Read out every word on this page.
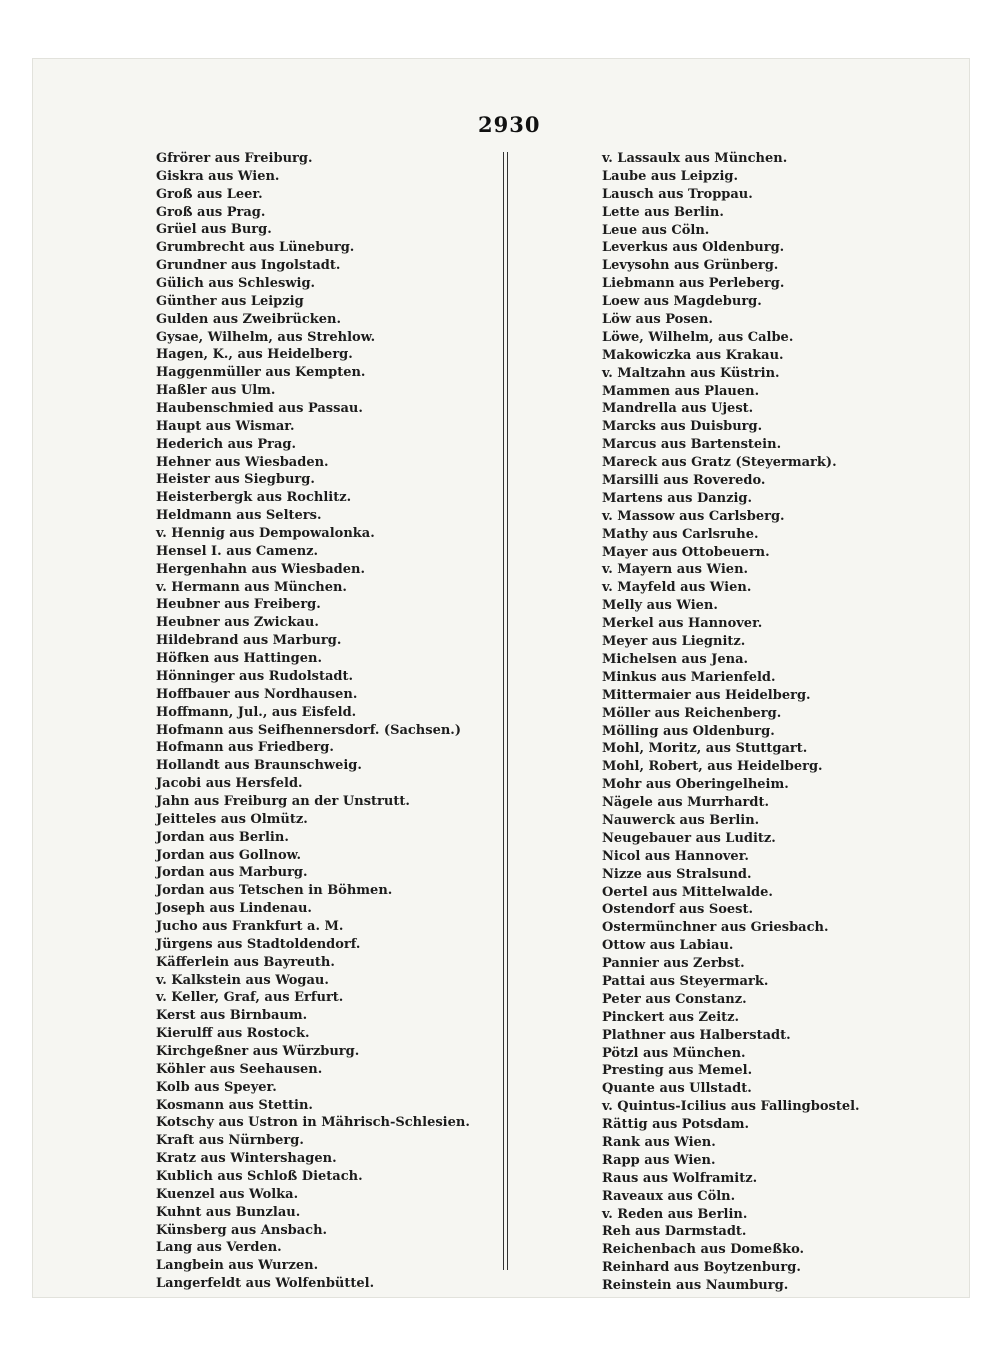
2930
Gfrörer aus Freiburg.
Giskra aus Wien.
Groß aus Leer.
Groß aus Prag.
Grüel aus Burg.
Grumbrecht aus Lüneburg.
Grundner aus Ingolstadt.
Gülich aus Schleswig.
Günther aus Leipzig
Gulden aus Zweibrücken.
Gysae, Wilhelm, aus Strehlow.
Hagen, K., aus Heidelberg.
Haggenmüller aus Kempten.
Haßler aus Ulm.
Haubenschmied aus Passau.
Haupt aus Wismar.
Hederich aus Prag.
Hehner aus Wiesbaden.
Heister aus Siegburg.
Heisterbergk aus Rochlitz.
Heldmann aus Selters.
v. Hennig aus Dempowalonka.
Hensel I. aus Camenz.
Hergenhahn aus Wiesbaden.
v. Hermann aus München.
Heubner aus Freiberg.
Heubner aus Zwickau.
Hildebrand aus Marburg.
Höfken aus Hattingen.
Hönninger aus Rudolstadt.
Hoffbauer aus Nordhausen.
Hoffmann, Jul., aus Eisfeld.
Hofmann aus Seifhennersdorf. (Sachsen.)
Hofmann aus Friedberg.
Hollandt aus Braunschweig.
Jacobi aus Hersfeld.
Jahn aus Freiburg an der Unstrutt.
Jeitteles aus Olmütz.
Jordan aus Berlin.
Jordan aus Gollnow.
Jordan aus Marburg.
Jordan aus Tetschen in Böhmen.
Joseph aus Lindenau.
Jucho aus Frankfurt a. M.
Jürgens aus Stadtoldendorf.
Käfferlein aus Bayreuth.
v. Kalkstein aus Wogau.
v. Keller, Graf, aus Erfurt.
Kerst aus Birnbaum.
Kierulff aus Rostock.
Kirchgeßner aus Würzburg.
Köhler aus Seehausen.
Kolb aus Speyer.
Kosmann aus Stettin.
Kotschy aus Ustron in Mährisch-Schlesien.
Kraft aus Nürnberg.
Kratz aus Wintershagen.
Kublich aus Schloß Dietach.
Kuenzel aus Wolka.
Kuhnt aus Bunzlau.
Künsberg aus Ansbach.
Lang aus Verden.
Langbein aus Wurzen.
Langerfeldt aus Wolfenbüttel.
v. Lassaulx aus München.
Laube aus Leipzig.
Lausch aus Troppau.
Lette aus Berlin.
Leue aus Cöln.
Leverkus aus Oldenburg.
Levysohn aus Grünberg.
Liebmann aus Perleberg.
Loew aus Magdeburg.
Löw aus Posen.
Löwe, Wilhelm, aus Calbe.
Makowiczka aus Krakau.
v. Maltzahn aus Küstrin.
Mammen aus Plauen.
Mandrella aus Ujest.
Marcks aus Duisburg.
Marcus aus Bartenstein.
Mareck aus Gratz (Steyermark).
Marsilli aus Roveredo.
Martens aus Danzig.
v. Massow aus Carlsberg.
Mathy aus Carlsruhe.
Mayer aus Ottobeuern.
v. Mayern aus Wien.
v. Mayfeld aus Wien.
Melly aus Wien.
Merkel aus Hannover.
Meyer aus Liegnitz.
Michelsen aus Jena.
Minkus aus Marienfeld.
Mittermaier aus Heidelberg.
Möller aus Reichenberg.
Mölling aus Oldenburg.
Mohl, Moritz, aus Stuttgart.
Mohl, Robert, aus Heidelberg.
Mohr aus Oberingelheim.
Nägele aus Murrhardt.
Nauwerck aus Berlin.
Neugebauer aus Luditz.
Nicol aus Hannover.
Nizze aus Stralsund.
Oertel aus Mittelwalde.
Ostendorf aus Soest.
Ostermünchner aus Griesbach.
Ottow aus Labiau.
Pannier aus Zerbst.
Pattai aus Steyermark.
Peter aus Constanz.
Pinckert aus Zeitz.
Plathner aus Halberstadt.
Pötzl aus München.
Presting aus Memel.
Quante aus Ullstadt.
v. Quintus-Icilius aus Fallingbostel.
Rättig aus Potsdam.
Rank aus Wien.
Rapp aus Wien.
Raus aus Wolframitz.
Raveaux aus Cöln.
v. Reden aus Berlin.
Reh aus Darmstadt.
Reichenbach aus Domeßko.
Reinhard aus Boytzenburg.
Reinstein aus Naumburg.
